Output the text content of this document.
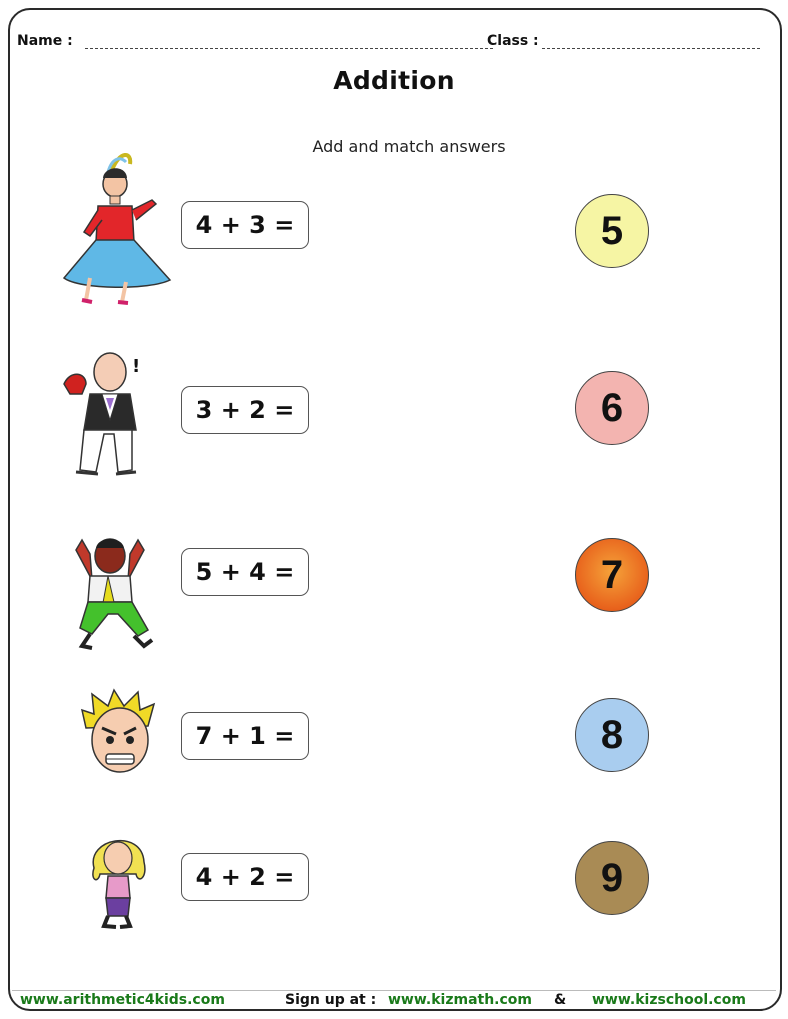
Name :	Class :
Addition
Add and match answers
!
4 + 3 =
3 + 2 =
5 + 4 =
7 + 1 =
4 + 2 =
5
6
7
8
9
www.arithmetic4kids.com	Sign up at : www.kizmath.com & www.kizschool.com
